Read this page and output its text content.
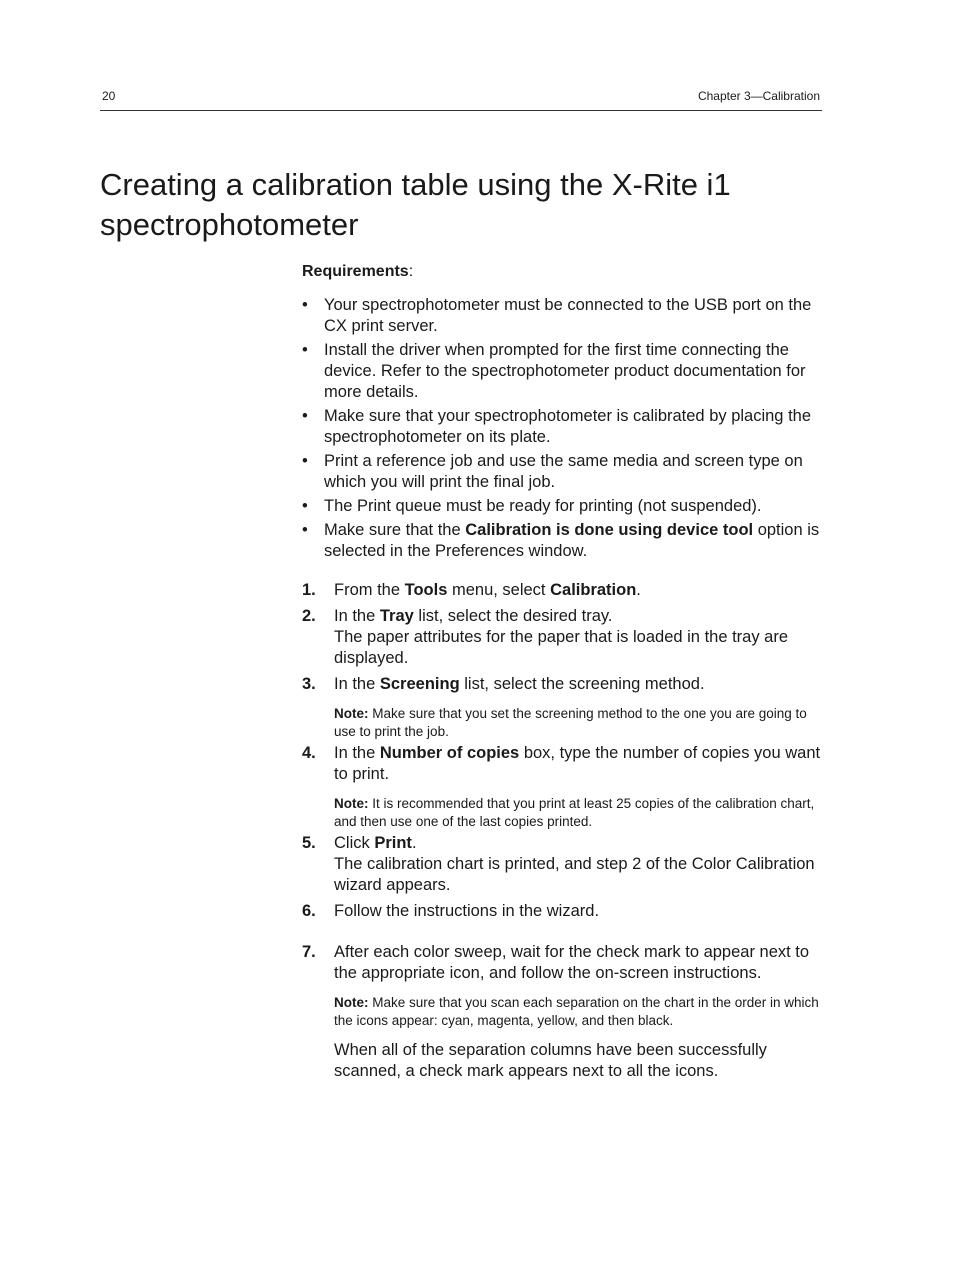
20	Chapter 3—Calibration
Creating a calibration table using the X-Rite i1 spectrophotometer
Requirements:
• Your spectrophotometer must be connected to the USB port on the CX print server.
• Install the driver when prompted for the first time connecting the device. Refer to the spectrophotometer product documentation for more details.
• Make sure that your spectrophotometer is calibrated by placing the spectrophotometer on its plate.
• Print a reference job and use the same media and screen type on which you will print the final job.
• The Print queue must be ready for printing (not suspended).
• Make sure that the Calibration is done using device tool option is selected in the Preferences window.
1. From the Tools menu, select Calibration.
2. In the Tray list, select the desired tray.
The paper attributes for the paper that is loaded in the tray are displayed.
3. In the Screening list, select the screening method.
Note: Make sure that you set the screening method to the one you are going to use to print the job.
4. In the Number of copies box, type the number of copies you want to print.
Note: It is recommended that you print at least 25 copies of the calibration chart, and then use one of the last copies printed.
5. Click Print.
The calibration chart is printed, and step 2 of the Color Calibration wizard appears.
6. Follow the instructions in the wizard.
7. After each color sweep, wait for the check mark to appear next to the appropriate icon, and follow the on-screen instructions.
Note: Make sure that you scan each separation on the chart in the order in which the icons appear: cyan, magenta, yellow, and then black.
When all of the separation columns have been successfully scanned, a check mark appears next to all the icons.
